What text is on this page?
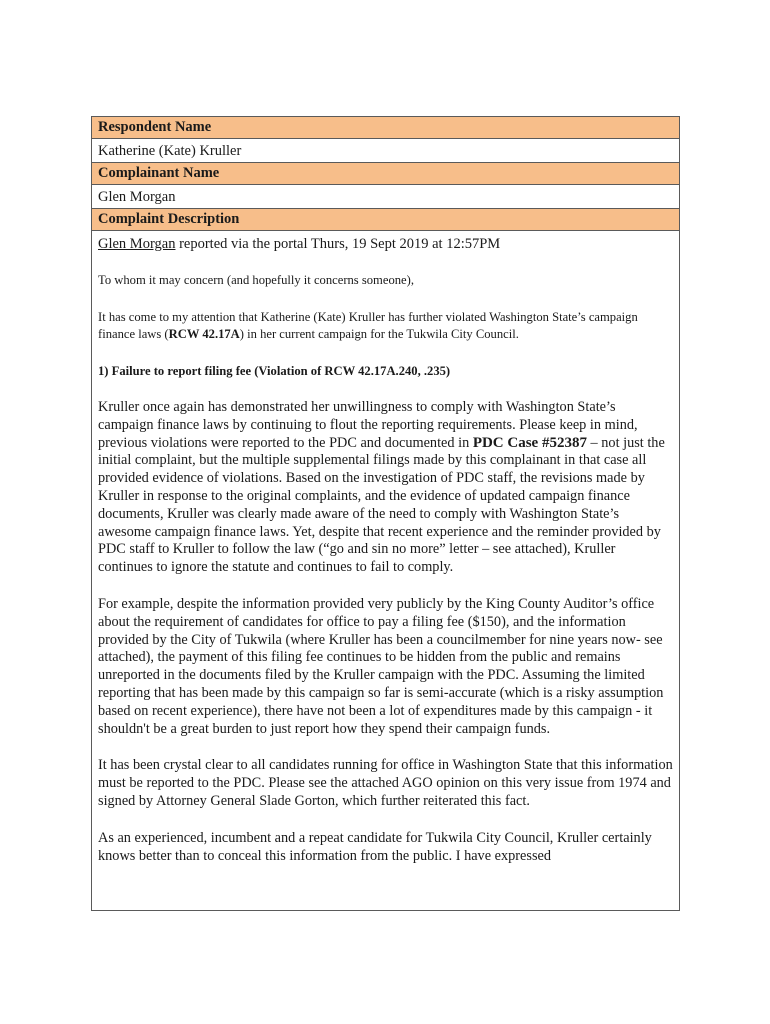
Respondent Name
Katherine (Kate) Kruller
Complainant Name
Glen Morgan
Complaint Description

Glen Morgan reported via the portal Thurs, 19 Sept 2019 at 12:57PM

To whom it may concern (and hopefully it concerns someone),

It has come to my attention that Katherine (Kate) Kruller has further violated Washington State’s campaign finance laws (RCW 42.17A) in her current campaign for the Tukwila City Council.

1) Failure to report filing fee (Violation of RCW 42.17A.240, .235)

Kruller once again has demonstrated her unwillingness to comply with Washington State’s campaign finance laws by continuing to flout the reporting requirements. Please keep in mind, previous violations were reported to the PDC and documented in PDC Case #52387 – not just the initial complaint, but the multiple supplemental filings made by this complainant in that case all provided evidence of violations. Based on the investigation of PDC staff, the revisions made by Kruller in response to the original complaints, and the evidence of updated campaign finance documents, Kruller was clearly made aware of the need to comply with Washington State’s awesome campaign finance laws. Yet, despite that recent experience and the reminder provided by PDC staff to Kruller to follow the law (“go and sin no more” letter – see attached), Kruller continues to ignore the statute and continues to fail to comply.

For example, despite the information provided very publicly by the King County Auditor’s office about the requirement of candidates for office to pay a filing fee ($150), and the information provided by the City of Tukwila (where Kruller has been a councilmember for nine years now- see attached), the payment of this filing fee continues to be hidden from the public and remains unreported in the documents filed by the Kruller campaign with the PDC. Assuming the limited reporting that has been made by this campaign so far is semi-accurate (which is a risky assumption based on recent experience), there have not been a lot of expenditures made by this campaign - it shouldn't be a great burden to just report how they spend their campaign funds.

It has been crystal clear to all candidates running for office in Washington State that this information must be reported to the PDC. Please see the attached AGO opinion on this very issue from 1974 and signed by Attorney General Slade Gorton, which further reiterated this fact.

As an experienced, incumbent and a repeat candidate for Tukwila City Council, Kruller certainly knows better than to conceal this information from the public. I have expressed
